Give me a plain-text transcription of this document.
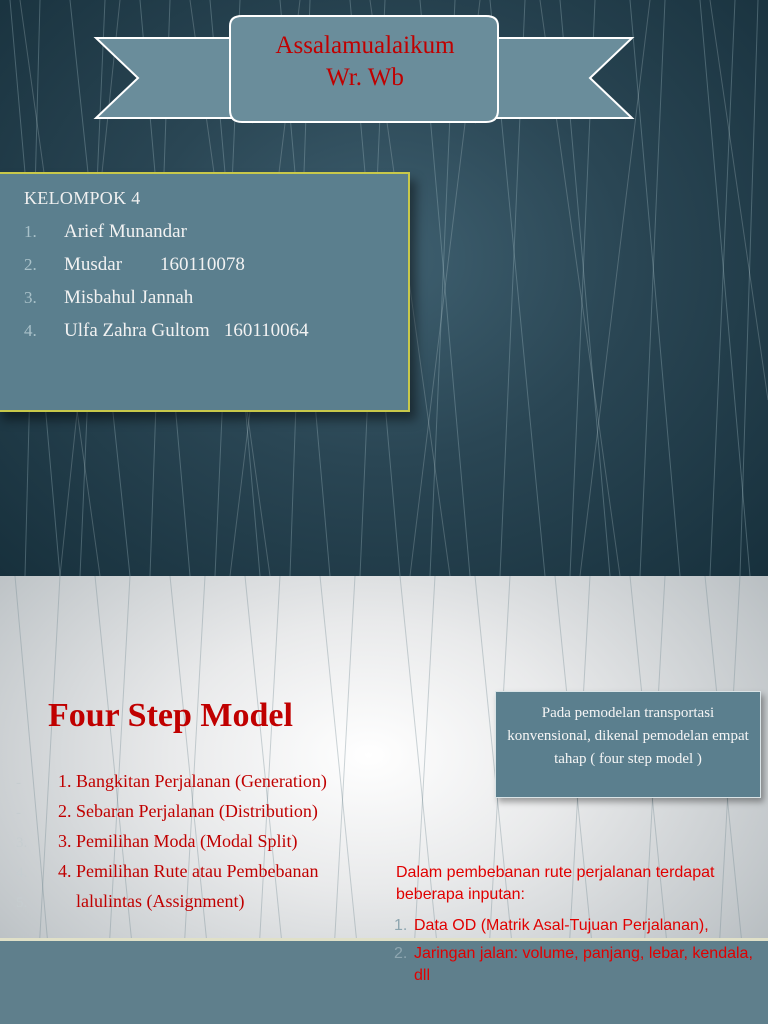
Assalamualaikum
Wr. Wb
KELOMPOK 4
1. Arief Munandar
2. Musdar        160110078
3. Misbahul Jannah
4. Ulfa Zahra Gultom   160110064
Four Step Model
- 1. Bangkitan Perjalanan (Generation)
- 2. Sebaran Perjalanan (Distribution)
3. 3. Pemilihan Moda (Modal Split)
4. 4. Pemilihan Rute atau Pembebanan
5.    lalulintas (Assignment)

Pada pemodelan transportasi konvensional, dikenal pemodelan empat tahap ( four step model )

Dalam pembebanan rute perjalanan terdapat beberapa inputan:
1. Data OD (Matrik Asal-Tujuan Perjalanan),
2. Jaringan jalan: volume, panjang, lebar, kendala, dll
